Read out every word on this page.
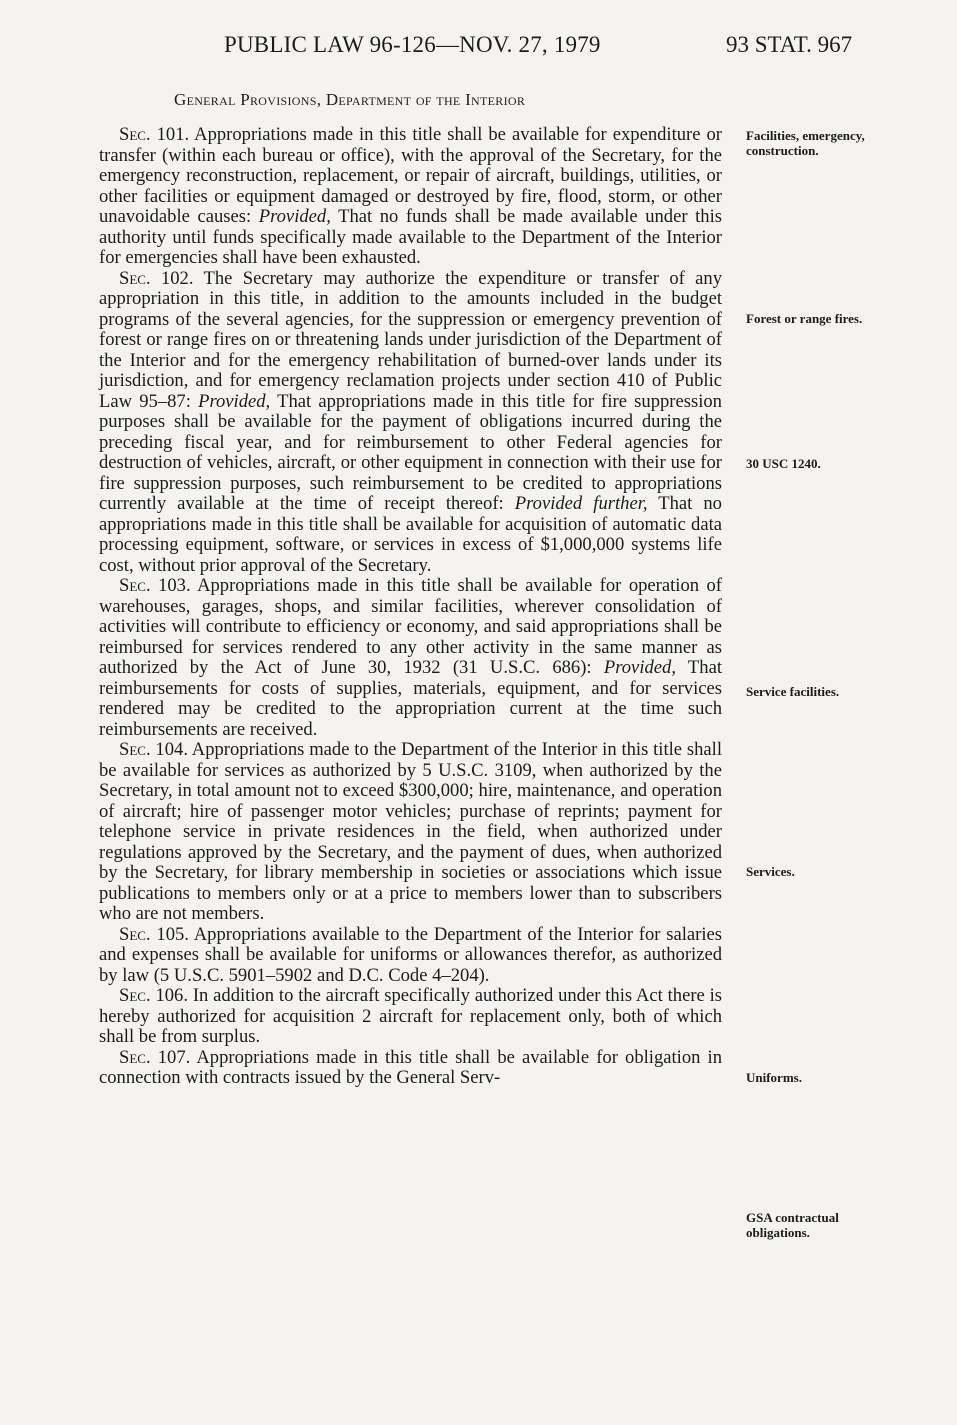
PUBLIC LAW 96-126—NOV. 27, 1979	93 STAT. 967
General Provisions, Department of the Interior

Sec. 101. Appropriations made in this title shall be available for expenditure or transfer (within each bureau or office), with the approval of the Secretary, for the emergency reconstruction, replacement, or repair of aircraft, buildings, utilities, or other facilities or equipment damaged or destroyed by fire, flood, storm, or other unavoidable causes: Provided, That no funds shall be made available under this authority until funds specifically made available to the Department of the Interior for emergencies shall have been exhausted.

Sec. 102. The Secretary may authorize the expenditure or transfer of any appropriation in this title, in addition to the amounts included in the budget programs of the several agencies, for the suppression or emergency prevention of forest or range fires on or threatening lands under jurisdiction of the Department of the Interior and for the emergency rehabilitation of burned-over lands under its jurisdiction, and for emergency reclamation projects under section 410 of Public Law 95–87: Provided, That appropriations made in this title for fire suppression purposes shall be available for the payment of obligations incurred during the preceding fiscal year, and for reimbursement to other Federal agencies for destruction of vehicles, aircraft, or other equipment in connection with their use for fire suppression purposes, such reimbursement to be credited to appropriations currently available at the time of receipt thereof: Provided further, That no appropriations made in this title shall be available for acquisition of automatic data processing equipment, software, or services in excess of $1,000,000 systems life cost, without prior approval of the Secretary.

Sec. 103. Appropriations made in this title shall be available for operation of warehouses, garages, shops, and similar facilities, wherever consolidation of activities will contribute to efficiency or economy, and said appropriations shall be reimbursed for services rendered to any other activity in the same manner as authorized by the Act of June 30, 1932 (31 U.S.C. 686): Provided, That reimbursements for costs of supplies, materials, equipment, and for services rendered may be credited to the appropriation current at the time such reimbursements are received.

Sec. 104. Appropriations made to the Department of the Interior in this title shall be available for services as authorized by 5 U.S.C. 3109, when authorized by the Secretary, in total amount not to exceed $300,000; hire, maintenance, and operation of aircraft; hire of passenger motor vehicles; purchase of reprints; payment for telephone service in private residences in the field, when authorized under regulations approved by the Secretary, and the payment of dues, when authorized by the Secretary, for library membership in societies or associations which issue publications to members only or at a price to members lower than to subscribers who are not members.

Sec. 105. Appropriations available to the Department of the Interior for salaries and expenses shall be available for uniforms or allowances therefor, as authorized by law (5 U.S.C. 5901–5902 and D.C. Code 4–204).

Sec. 106. In addition to the aircraft specifically authorized under this Act there is hereby authorized for acquisition 2 aircraft for replacement only, both of which shall be from surplus.

Sec. 107. Appropriations made in this title shall be available for obligation in connection with contracts issued by the General Serv-

Facilities, emergency, construction.
Forest or range fires.
30 USC 1240.
Service facilities.
Services.
Uniforms.
GSA contractual obligations.
